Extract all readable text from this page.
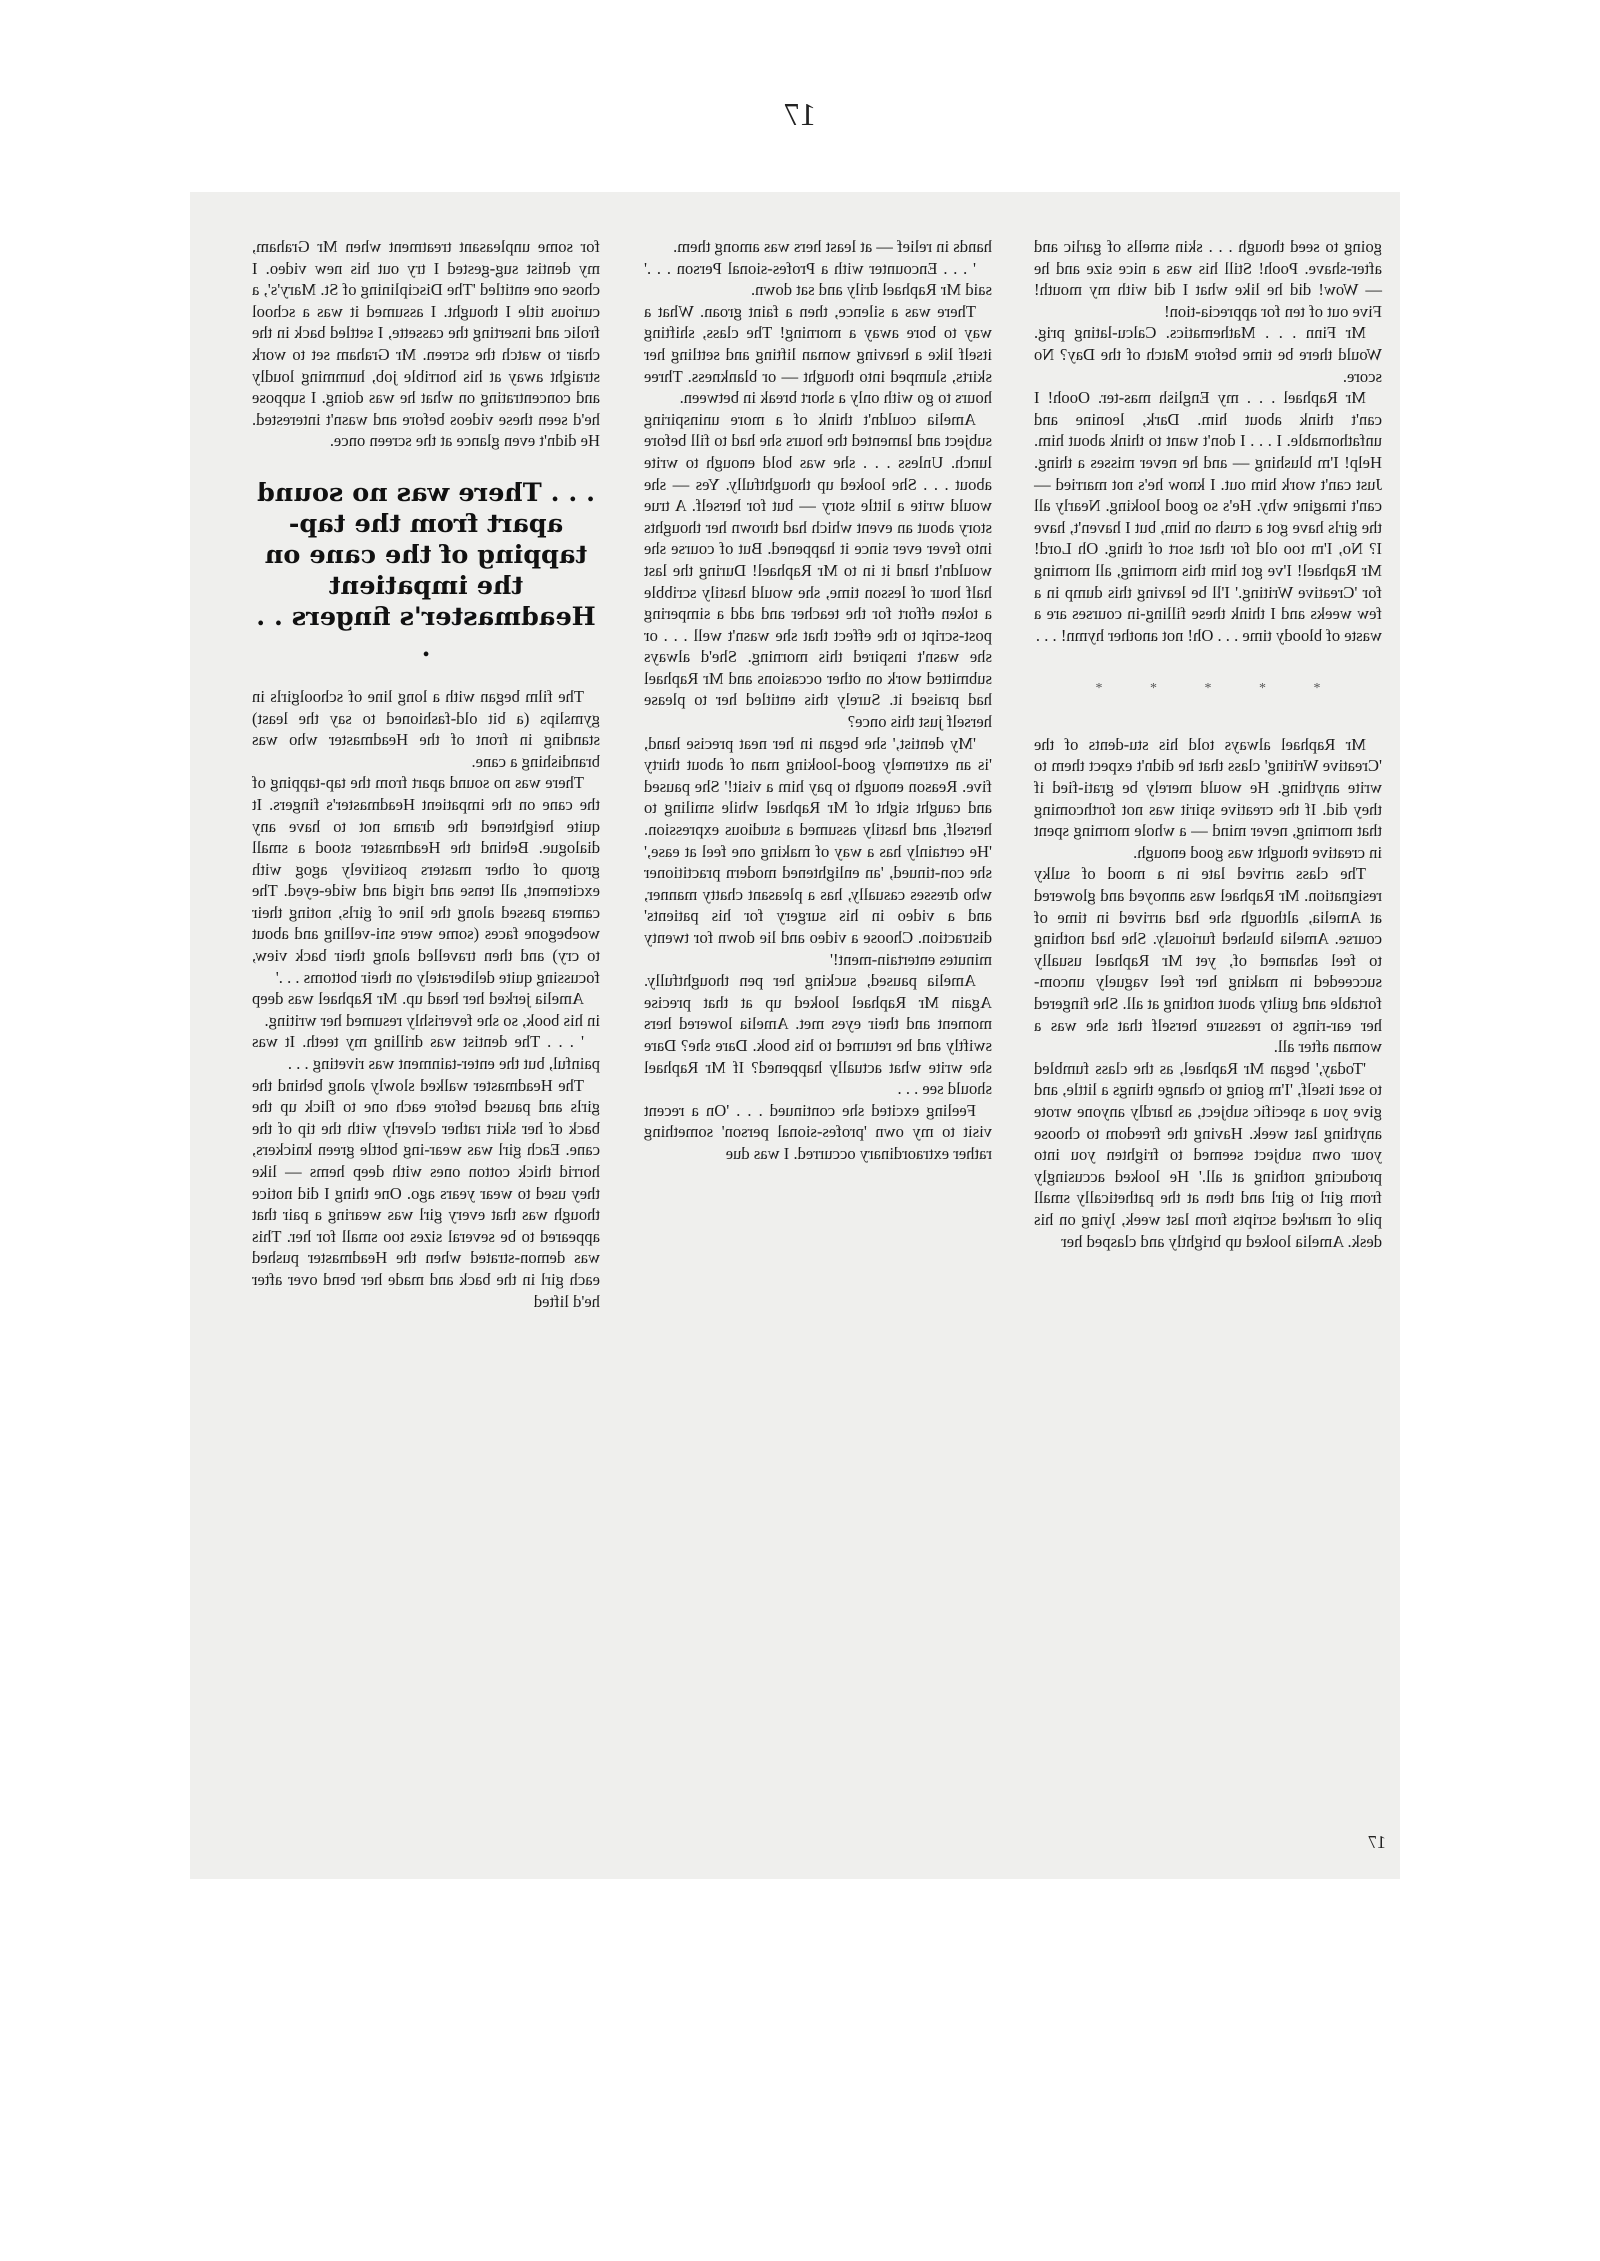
17

going to seed though . . . skin smells of garlic and after-shave. Pooh! Still his was a nice size and he — Wow! did he like what I did with my mouth! Five out of ten for apprecia-tion!

Mr Finn . . . Mathematics. Calcu-lating prig. Would there be time before Match of the Day? No score.

Mr Raphael . . . my English mas-ter. Oooh! I can't think about him. Dark, leonine and unfathomable. I . . . I don't want to think about him. Help! I'm blushing — and he never misses a thing. Just can't work him out. I know he's not married — can't imagine why. He's so good looking. Nearly all the girls have got a crush on him, but I haven't, have I? No, I'm too old for that sort of thing. Oh Lord! Mr Raphael! I've got him this morning, all morning for 'Creative Writing.' I'll be leaving this dump in a few weeks and I think these filling-in courses are a waste of bloody time . . . Oh! not another hymn! . . .

* * * * *

Mr Raphael always told his stu-dents of the 'Creative Writing' class that he didn't expect them to write anything. He would merely be grati-fied if they did. If the creative spirit was not forthcoming that morning, never mind — a whole morning spent in creative thought was good enough.

The class arrived late in a mood of sulky resignation. Mr Raphael was annoyed and glowered at Amelia, although she had arrived in time of course. Amelia blushed furiously. She had nothing to feel ashamed of, yet Mr Raphael usually succeeded in making her feel vaguely uncom-fortable and guilty about nothing at all. She fingered her ear-rings to reassure herself that she was a woman after all.

'Today,' began Mr Raphael, as the class fumbled to seat itself, 'I'm going to change things a little, and give you a specific subject, as hardly anyone wrote anything last week. Having the freedom to choose your own subject seemed to frighten you into producing nothing at all.' He looked accusingly from girl to girl and then at the pathetically small pile of marked scripts from last week, lying on his desk. Amelia looked up brightly and clasped her

hands in relief — at least hers was among them.

' . . . Encounter with a Profes-sional Person . . .' said Mr Raphael drily and sat down.

There was a silence, then a faint groan. What a way to bore away a morning! The class, shifting itself like a heaving woman lifting and settling her skirts, slumped into thought — or blankness. Three hours to go with only a short break in between.

Amelia couldn't think of a more uninspiring subject and lamented the hours she had to fill before lunch. Unless . . . she was bold enough to write about . . . She looked up thoughtfully. Yes — she would write a little story — but for herself. A true story about an event which had thrown her thoughts into fever ever since it happened. But of course she wouldn't hand it in to Mr Raphael! During the last half hour of lesson time, she would hastily scribble a token effort for the teacher and add a simpering post-script to the effect that she wasn't well . . . or she wasn't inspired this morning. She'd always submitted work on other occasions and Mr Raphael had praised it. Surely this entitled her to please herself just this once?

'My dentist,' she began in her neat precise hand, 'is an extremely good-looking man of about thirty five. Reason enough to pay him a visit!' She paused and caught sight of Mr Raphael while smiling to herself, and hastily assumed a studious expression. 'He certainly has a way of making one feel at ease,' she con-tinued, 'an enlightened modern practitioner who dresses casually, has a pleasant chatty manner, and a video in his surgery for his patients' distraction. Choose a video and lie down for twenty minutes entertain-ment!'

Amelia paused, sucking her pen thoughtfully. Again Mr Raphael looked up at that precise moment and their eyes met. Amelia lowered hers swiftly and he returned to his book. Dare she? Dare she write what actually happened? If Mr Raphael should see . . .

Feeling excited she continued . . . 'On a recent visit to my own 'profes-sional person' something rather extraordinary occurred. I was due

for some unpleasant treatment when Mr Graham, my dentist sug-gested I try out his new video. I chose one entitled 'The Disciplining of St. Mary's', a curious title I thought. I assumed it was a school frolic and inserting the cassette, I settled back in the chair to watch the screen. Mr Graham set to work straight away at his horrible job, humming loudly and concentrating on what he was doing. I suppose he'd seen these videos before and wasn't interested. He didn't even glance at the screen once.

. . . There was no sound apart from the tap-tapping of the cane on the impatient Headmaster's fingers . . .

The film began with a long line of schoolgirls in gymslips (a bit old-fashioned to say the least) standing in front of the Headmaster who was brandishing a cane.

There was no sound apart from the tap-tapping of the cane on the impatient Headmaster's fingers. It quite heightened the drama not to have any dialogue. Behind the Headmaster stood a small group of other masters positively agog with excitement, all tense and rigid and wide-eyed. The camera passed along the line of girls, noting their woebegone faces (some were sni-velling and about to cry) and then travelled along their back view, focussing quite deliberately on their bottoms . . .'

Amelia jerked her head up. Mr Raphael was deep in his book, so she feverishly resumed her writing.

' . . . The dentist was drilling my teeth. It was painful, but the enter-tainment was riveting . . .

The Headmaster walked slowly along behind the girls and paused before each one to flick up the back of her skirt rather cleverly with the tip of the cane. Each girl was wear-ing bottle green knickers, horrid thick cotton ones with deep hems — like they used to wear years ago. One thing I did notice though was that every girl was wearing a pair that appeared to be several sizes too small for her. This was demon-strated when the Headmaster pushed each girl in the back and made her bend over after he'd lifted

17
